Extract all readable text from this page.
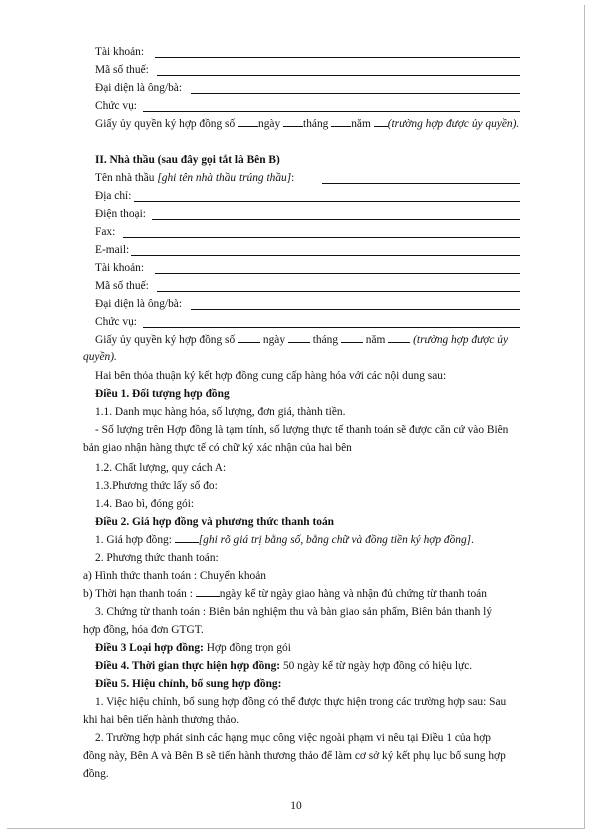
Tài khoản:
Mã số thuế:
Đại diện là ông/bà:
Chức vụ:
Giấy ủy quyền ký hợp đồng số ngày tháng năm (trường hợp được ủy quyền).
II. Nhà thầu (sau đây gọi tắt là Bên B)
Tên nhà thầu [ghi tên nhà thầu trúng thầu]:
Địa chỉ:
Điện thoại:
Fax:
E-mail:
Tài khoản:
Mã số thuế:
Đại diện là ông/bà:
Chức vụ:
Giấy ủy quyền ký hợp đồng số ngày tháng năm (trường hợp được ủy
quyền).
Hai bên thỏa thuận ký kết hợp đồng cung cấp hàng hóa với các nội dung sau:
Điều 1. Đối tượng hợp đồng
1.1. Danh mục hàng hóa, số lượng, đơn giá, thành tiền.
- Số lượng trên Hợp đồng là tạm tính, số lượng thực tế thanh toán sẽ được căn cứ vào Biên
bản giao nhận hàng thực tế có chữ ký xác nhận của hai bên
1.2. Chất lượng, quy cách A:
1.3.Phương thức lấy số đo:
1.4. Bao bì, đóng gói:
Điều 2. Giá hợp đồng và phương thức thanh toán
1. Giá hợp đồng: [ghi rõ giá trị bằng số, bằng chữ và đồng tiền ký hợp đồng].
2. Phương thức thanh toán:
a) Hình thức thanh toán : Chuyển khoản
b) Thời hạn thanh toán : ngày kể từ ngày giao hàng và nhận đủ chứng từ thanh toán
3. Chứng từ thanh toán : Biên bản nghiệm thu và bàn giao sản phẩm, Biên bản thanh lý
hợp đồng, hóa đơn GTGT.
Điều 3 Loại hợp đồng: Hợp đồng trọn gói
Điều 4. Thời gian thực hiện hợp đồng: 50 ngày kể từ ngày hợp đồng có hiệu lực.
Điều 5. Hiệu chỉnh, bổ sung hợp đồng:
1. Việc hiệu chỉnh, bổ sung hợp đồng có thể được thực hiện trong các trường hợp sau: Sau
khi hai bên tiến hành thương thảo.
2. Trường hợp phát sinh các hạng mục công việc ngoài phạm vi nêu tại Điều 1 của hợp
đồng này, Bên A và Bên B sẽ tiến hành thương thảo để làm cơ sở ký kết phụ lục bổ sung hợp
đồng.
10
